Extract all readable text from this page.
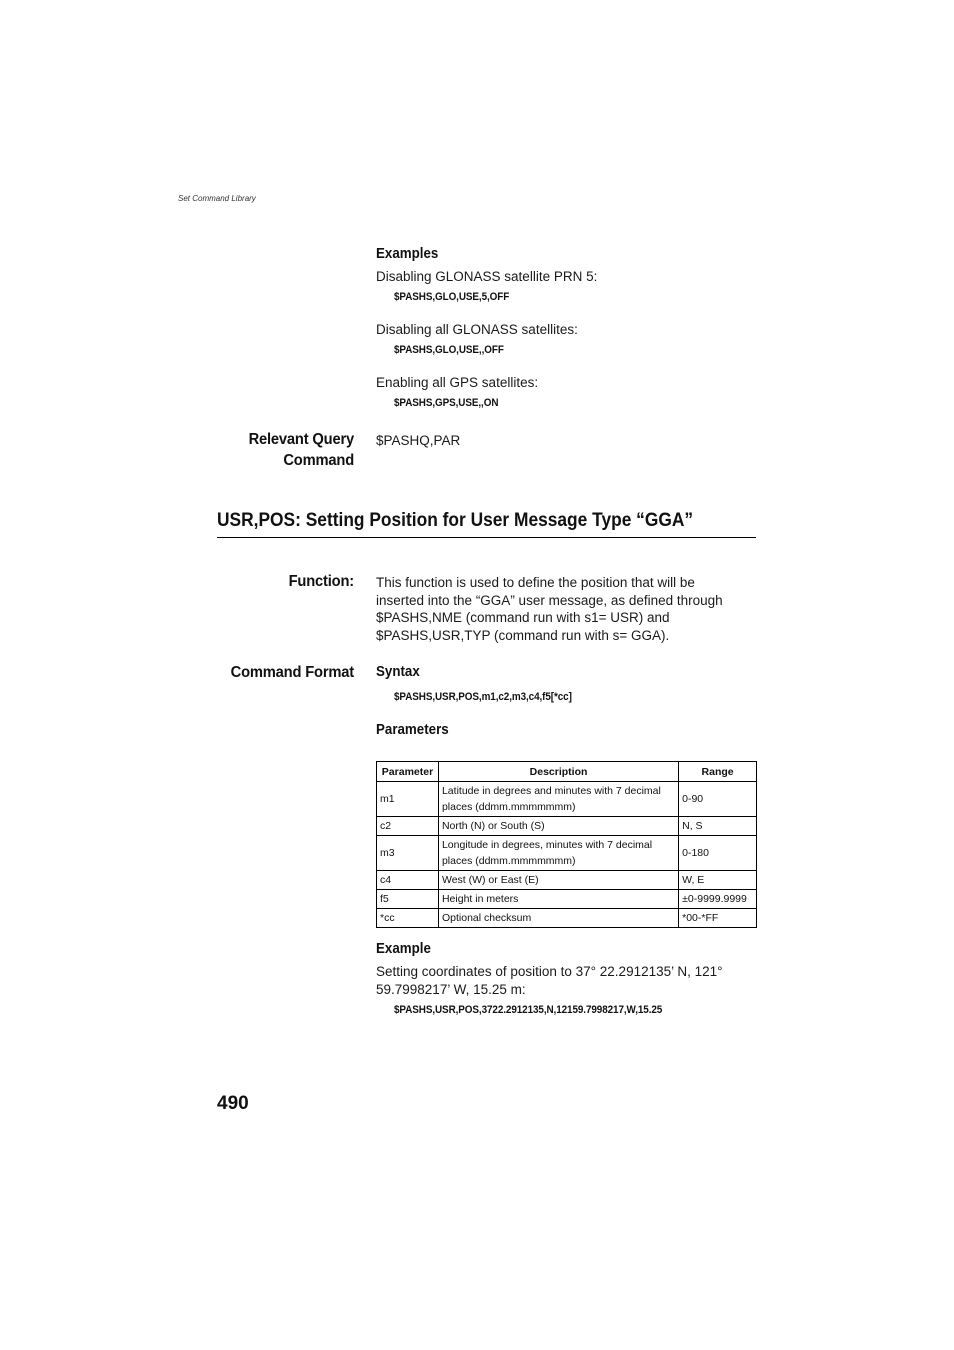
Set Command Library
Examples
Disabling GLONASS satellite PRN 5:
$PASHS,GLO,USE,5,OFF
Disabling all GLONASS satellites:
$PASHS,GLO,USE,,OFF
Enabling all GPS satellites:
$PASHS,GPS,USE,,ON
Relevant Query
Command
$PASHQ,PAR
USR,POS: Setting Position for User Message Type “GGA”
Function: This function is used to define the position that will be
inserted into the “GGA” user message, as defined through
$PASHS,NME (command run with s1= USR) and
$PASHS,USR,TYP (command run with s= GGA).
Command Format Syntax
$PASHS,USR,POS,m1,c2,m3,c4,f5[*cc]
Parameters
Parameter	Description	Range
m1	Latitude in degrees and minutes with 7 decimal places (ddmm.mmmmmmm)	0-90
c2	North (N) or South (S)	N, S
m3	Longitude in degrees, minutes with 7 decimal places (ddmm.mmmmmmm)	0-180
c4	West (W) or East (E)	W, E
f5	Height in meters	±0-9999.9999
*cc	Optional checksum	*00-*FF
Example
Setting coordinates of position to 37° 22.2912135’ N, 121°
59.7998217’ W, 15.25 m:
$PASHS,USR,POS,3722.2912135,N,12159.7998217,W,15.25
490
